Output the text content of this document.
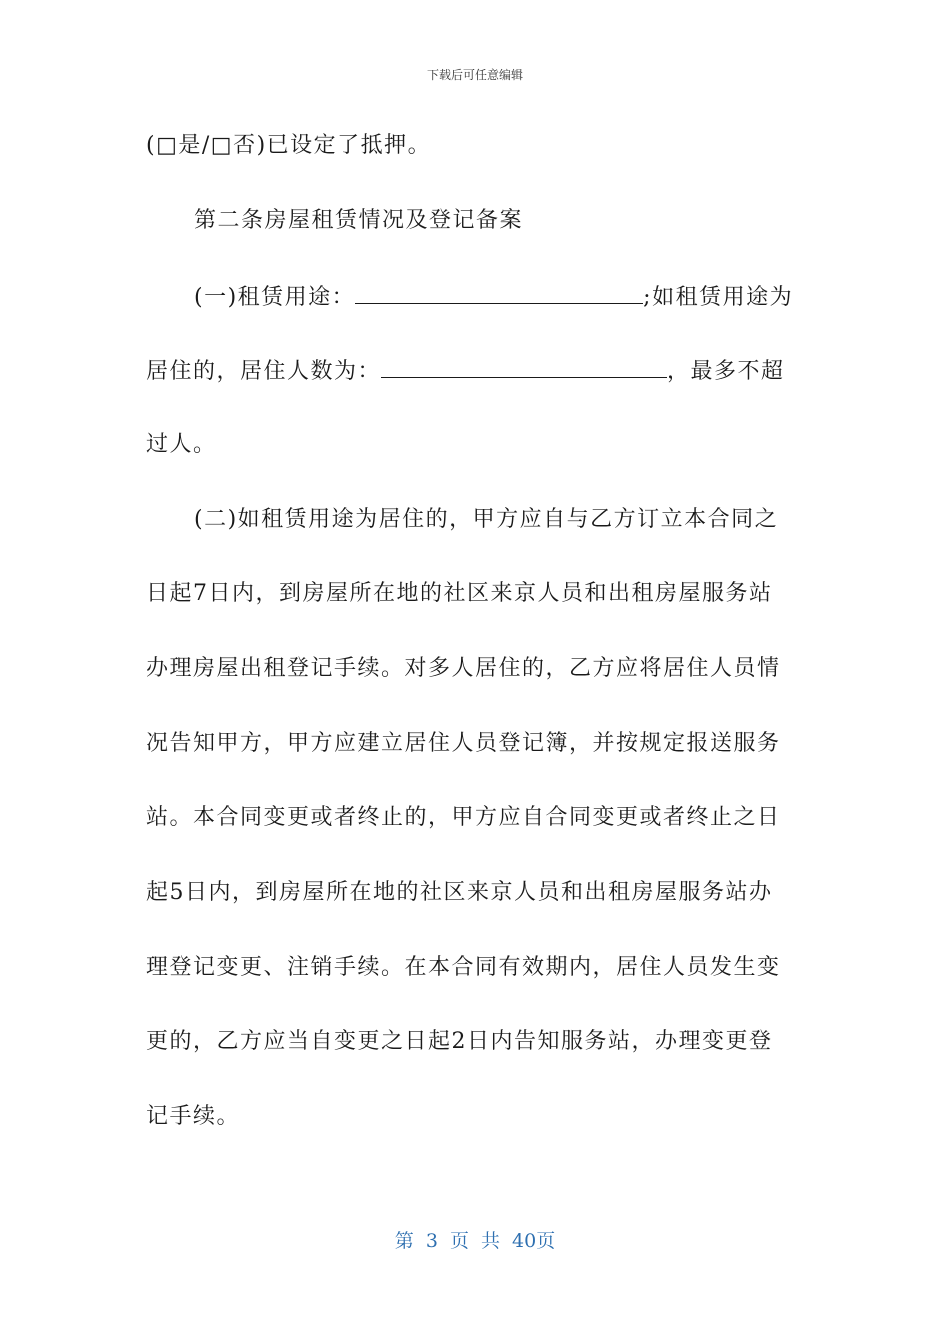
下载后可任意编辑
(□是/□否)已设定了抵押。
第二条房屋租赁情况及登记备案
(一)租赁用途：	;如租赁用途为
居住的，居住人数为：	，最多不超
过人。
(二)如租赁用途为居住的，甲方应自与乙方订立本合同之
日起7日内，到房屋所在地的社区来京人员和出租房屋服务站
办理房屋出租登记手续。对多人居住的，乙方应将居住人员情
况告知甲方，甲方应建立居住人员登记簿，并按规定报送服务
站。本合同变更或者终止的，甲方应自合同变更或者终止之日
起5日内，到房屋所在地的社区来京人员和出租房屋服务站办
理登记变更、注销手续。在本合同有效期内，居住人员发生变
更的，乙方应当自变更之日起2日内告知服务站，办理变更登
记手续。
第 3 页 共 40页
